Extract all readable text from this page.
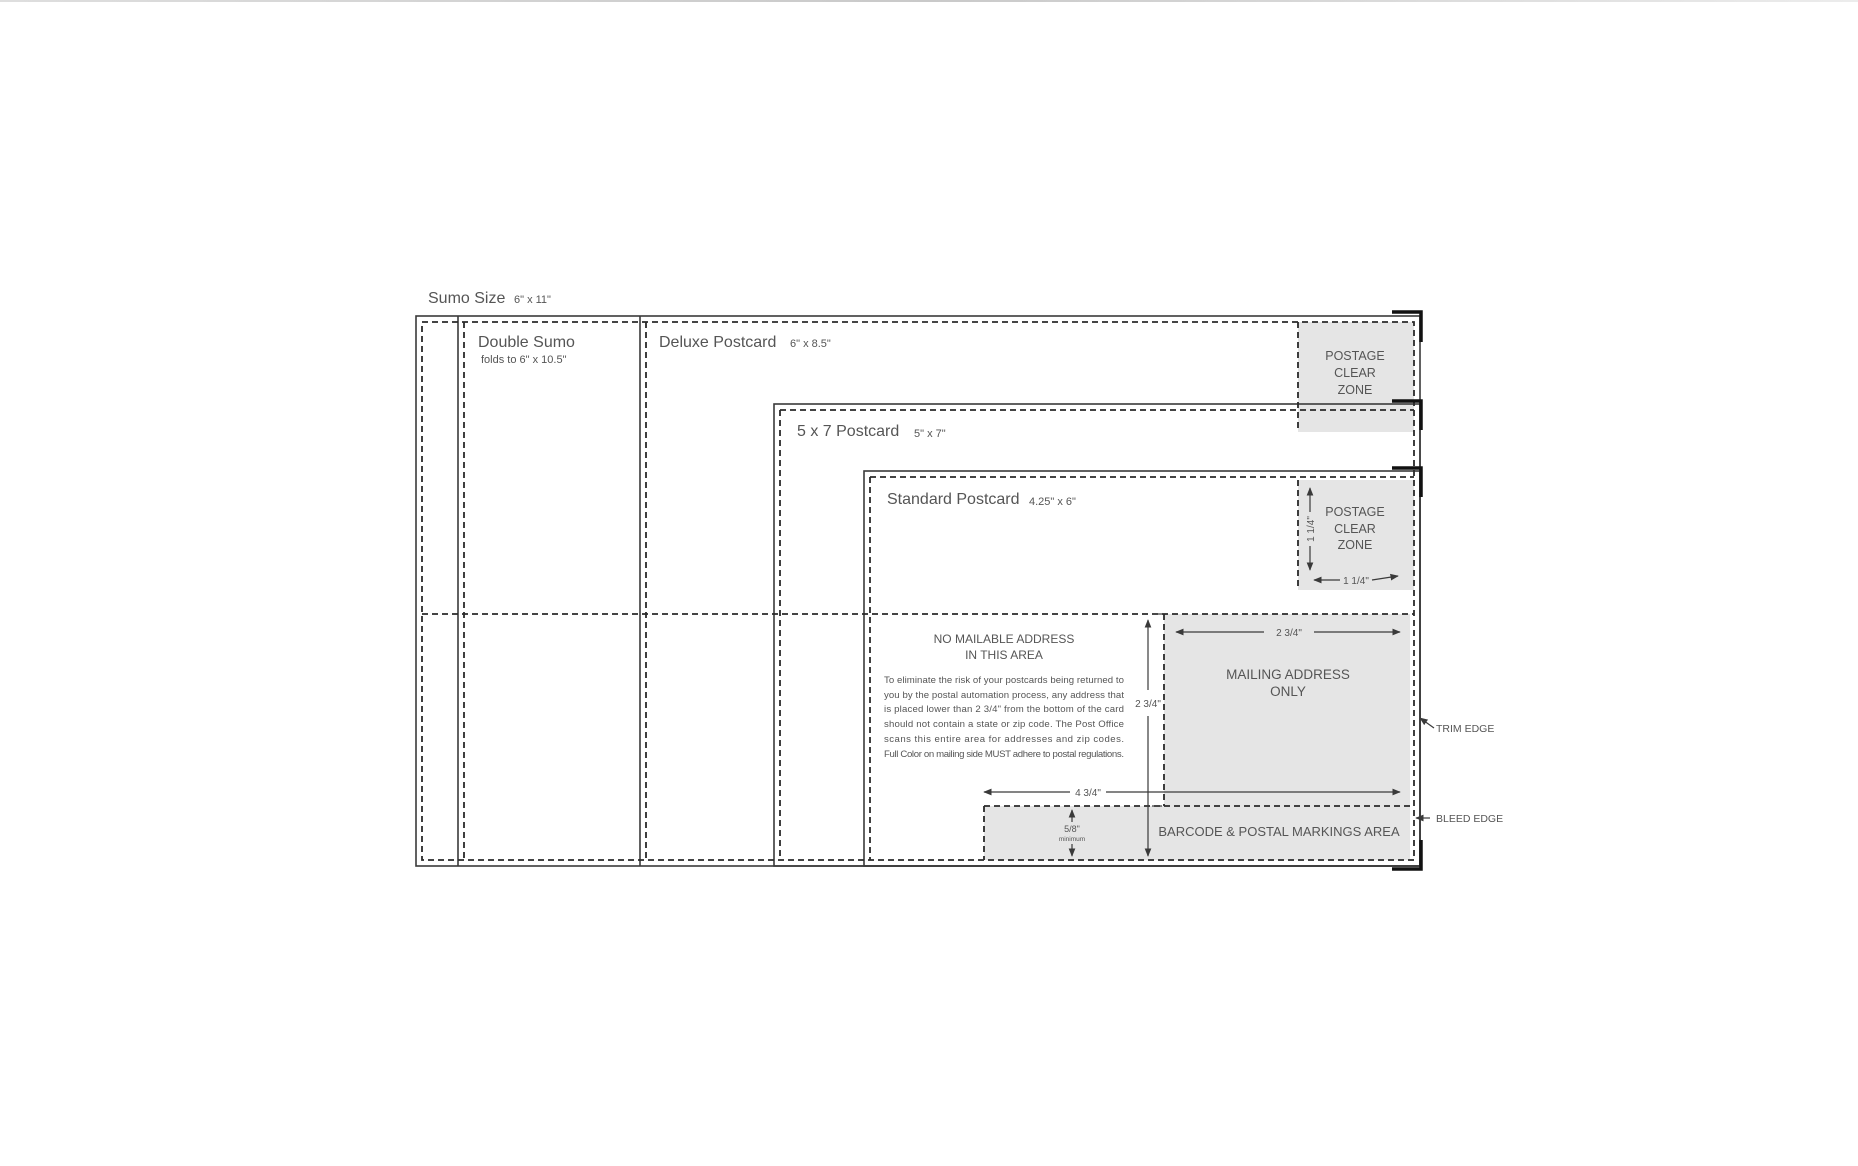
Sumo Size 6" x 11"
Double Sumo
folds to 6" x 10.5"
Deluxe Postcard 6" x 8.5"
5 x 7 Postcard 5" x 7"
Standard Postcard 4.25" x 6"
POSTAGE
CLEAR
ZONE
POSTAGE
CLEAR
ZONE
1 1/4"
1 1/4"
NO MAILABLE ADDRESS
IN THIS AREA
To eliminate the risk of your postcards being returned to
you by the postal automation process, any address that
is placed lower than 2 3/4" from the bottom of the card
should not contain a state or zip code. The Post Office
scans this entire area for addresses and zip codes.
Full Color on mailing side MUST adhere to postal regulations.
MAILING ADDRESS
ONLY
2 3/4"
2 3/4"
BARCODE & POSTAL MARKINGS AREA
4 3/4"
5/8"
minimum
TRIM EDGE
BLEED EDGE
